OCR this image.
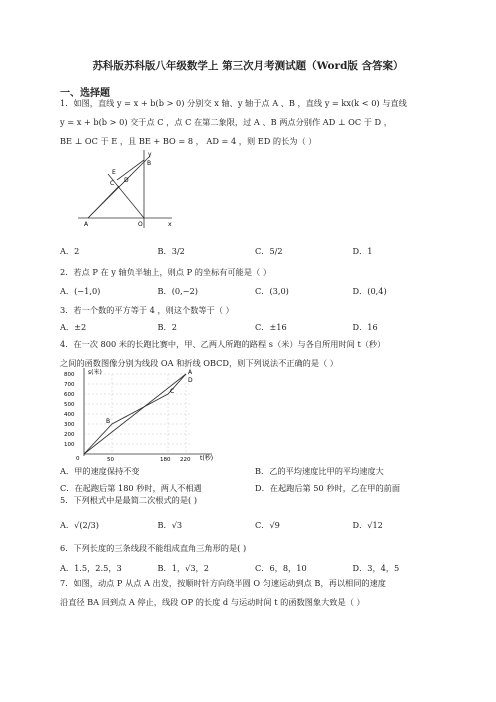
苏科版苏科版八年级数学上 第三次月考测试题（Word版 含答案）
一、选择题
1．如图，直线 y = x + b(b > 0) 分别交 x 轴、y 轴于点 A 、B ，直线 y = kx(k < 0) 与直线
y = x + b(b > 0) 交于点 C ，点 C 在第二象限，过 A 、B 两点分别作 AD ⊥ OC 于 D ，
BE ⊥ OC 于 E ，且 BE + BO = 8 ， AD = 4 ，则 ED 的长为（ ）
y
B
E
C D
A	O	x
A．2	B．3/2	C．5/2	D．1
2．若点 P 在 y 轴负半轴上，则点 P 的坐标有可能是（ ）
A．(−1,0)	B．(0,−2)	C．(3,0)	D．(0,4)
3．若一个数的平方等于 4 ，则这个数等于（ ）
A．±2	B．2	C．±16	D．16
4．在一次 800 米的长跑比赛中，甲、乙两人所跑的路程 s（米）与各自所用时间 t（秒）
之间的函数图像分别为线段 OA 和折线 OBCD，则下列说法不正确的是（ ）
s(米)
t(秒)
800
700
600
500
400
300
200
100
0	50	180 220
A
B
C
D
A．甲的速度保持不变	B．乙的平均速度比甲的平均速度大
C．在起跑后第 180 秒时，两人不相遇	D．在起跑后第 50 秒时，乙在甲的前面
5．下列根式中是最简二次根式的是( )
A．√(2/3)	B．√3	C．√9	D．√12
6．下列长度的三条线段不能组成直角三角形的是( )
A．1.5，2.5，3	B．1，√3，2	C．6，8，10	D．3，4，5
7．如图，动点 P 从点 A 出发，按顺时针方向绕半圆 O 匀速运动到点 B，再以相同的速度
沿直径 BA 回到点 A 停止，线段 OP 的长度 d 与运动时间 t 的函数图象大致是（ ）
